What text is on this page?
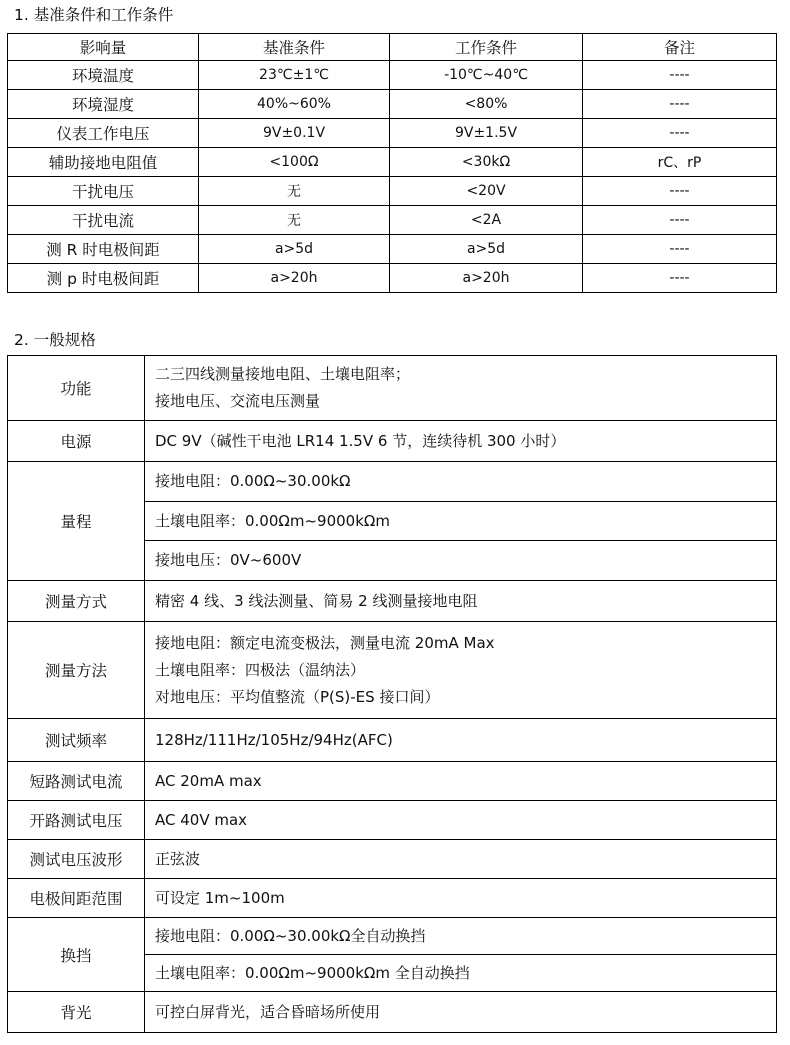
1. 基准条件和工作条件
影响量	基准条件	工作条件	备注
环境温度	23℃±1℃	-10℃~40℃	----
环境湿度	40%~60%	<80%	----
仪表工作电压	9V±0.1V	9V±1.5V	----
辅助接地电阻值	<100Ω	<30kΩ	rC、rP
干扰电压	无	<20V	----
干扰电流	无	<2A	----
测 R 时电极间距	a>5d	a>5d	----
测 p 时电极间距	a>20h	a>20h	----
2. 一般规格
功能	二三四线测量接地电阻、土壤电阻率；
接地电压、交流电压测量

电源	DC 9V（碱性干电池 LR14 1.5V 6 节，连续待机 300 小时）

量程	接地电阻：0.00Ω~30.00kΩ

	土壤电阻率：0.00Ωm~9000kΩm

	接地电压：0V~600V

测量方式	精密 4 线、3 线法测量、简易 2 线测量接地电阻

测量方法	接地电阻：额定电流变极法，测量电流 20mA Max
土壤电阻率：四极法（温纳法）
对地电压：平均值整流（P(S)-ES 接口间）

测试频率	128Hz/111Hz/105Hz/94Hz(AFC)

短路测试电流	AC 20mA max

开路测试电压	AC 40V max

测试电压波形	正弦波

电极间距范围	可设定 1m~100m

换挡	接地电阻：0.00Ω~30.00kΩ全自动换挡

	土壤电阻率：0.00Ωm~9000kΩm 全自动换挡

背光	可控白屏背光，适合昏暗场所使用
